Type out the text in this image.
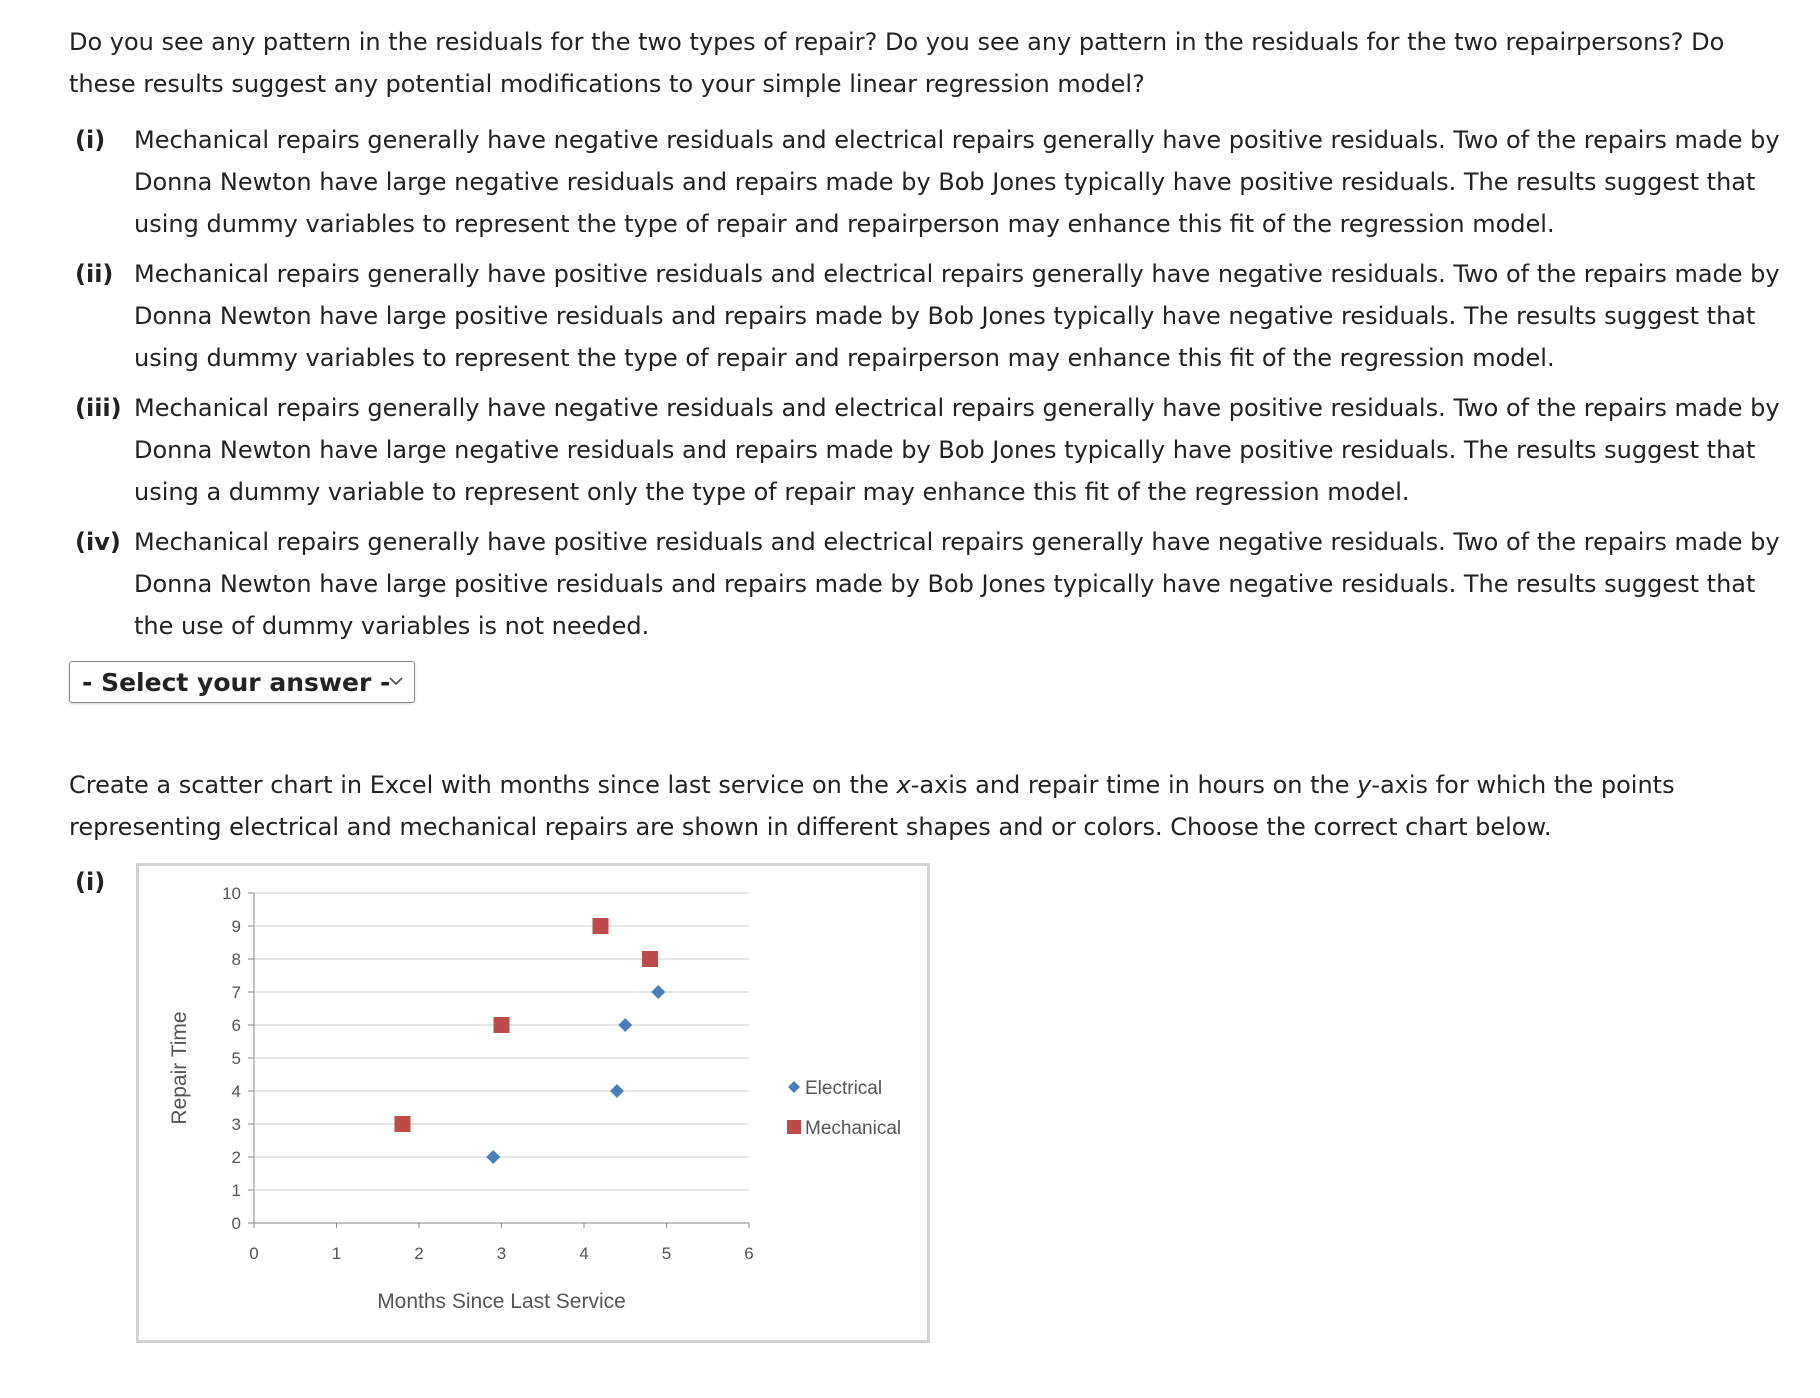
Do you see any pattern in the residuals for the two types of repair? Do you see any pattern in the residuals for the two repairpersons? Do these results suggest any potential modifications to your simple linear regression model?

(i) Mechanical repairs generally have negative residuals and electrical repairs generally have positive residuals. Two of the repairs made by Donna Newton have large negative residuals and repairs made by Bob Jones typically have positive residuals. The results suggest that using dummy variables to represent the type of repair and repairperson may enhance this fit of the regression model.
(ii) Mechanical repairs generally have positive residuals and electrical repairs generally have negative residuals. Two of the repairs made by Donna Newton have large positive residuals and repairs made by Bob Jones typically have negative residuals. The results suggest that using dummy variables to represent the type of repair and repairperson may enhance this fit of the regression model.
(iii) Mechanical repairs generally have negative residuals and electrical repairs generally have positive residuals. Two of the repairs made by Donna Newton have large negative residuals and repairs made by Bob Jones typically have positive residuals. The results suggest that using a dummy variable to represent only the type of repair may enhance this fit of the regression model.
(iv) Mechanical repairs generally have positive residuals and electrical repairs generally have negative residuals. Two of the repairs made by Donna Newton have large positive residuals and repairs made by Bob Jones typically have negative residuals. The results suggest that the use of dummy variables is not needed.
- Select your answer -

Create a scatter chart in Excel with months since last service on the x-axis and repair time in hours on the y-axis for which the points representing electrical and mechanical repairs are shown in different shapes and or colors. Choose the correct chart below.

(i)
0
1
2
3
4
5
6
7
8
9
10
0	1	2	3	4	5	6
Months Since Last Service
Repair Time	Electrical
Mechanical
